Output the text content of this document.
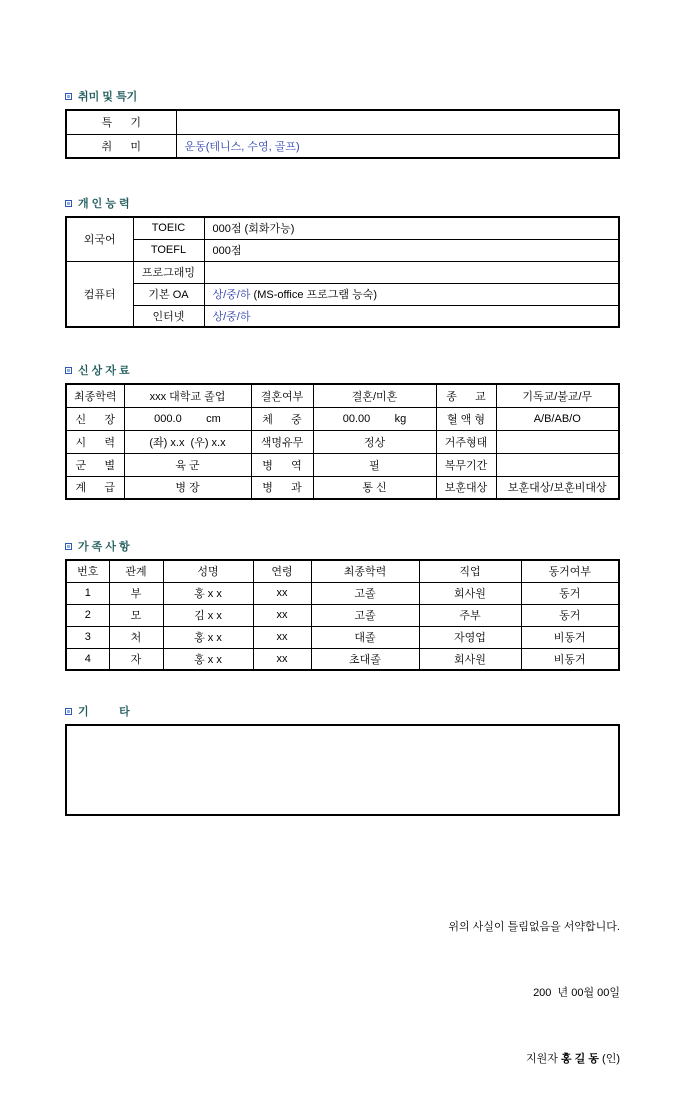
취미 및 특기
특      기	
취      미	운동(테니스, 수영, 골프)
개 인 능 력
외국어	TOEIC	000점 (회화가능)
	TOEFL	000점
컴퓨터	프로그래밍	
	기본 OA	상/중/하 (MS-office 프로그램 능숙)
	인터넷	상/중/하
신 상 자 료
최종학력	xxx 대학교 졸업	결혼여부	결혼/미혼	종      교	기독교/불교/무
신      장	000.0        cm	체      중	00.00        kg	혈 액 형	A/B/AB/O
시      력	(좌) x.x  (우) x.x	색명유무	정상	거주형태	
군      별	육 군	병      역	필	복무기간	
계      급	병 장	병      과	통 신	보훈대상	보훈대상/보훈비대상
가 족 사 항
번호	관계	성명	연령	최종학력	직업	동거여부
1	부	홍 x x	xx	고졸	회사원	동거
2	모	김 x x	xx	고졸	주부	동거
3	처	홍 x x	xx	대졸	자영업	비동거
4	자	홍 x x	xx	초대졸	회사원	비동거
기          타

위의 사실이 틀림없음을 서약합니다.

200  년 00월 00일

지원자 홍 길 동 (인)
